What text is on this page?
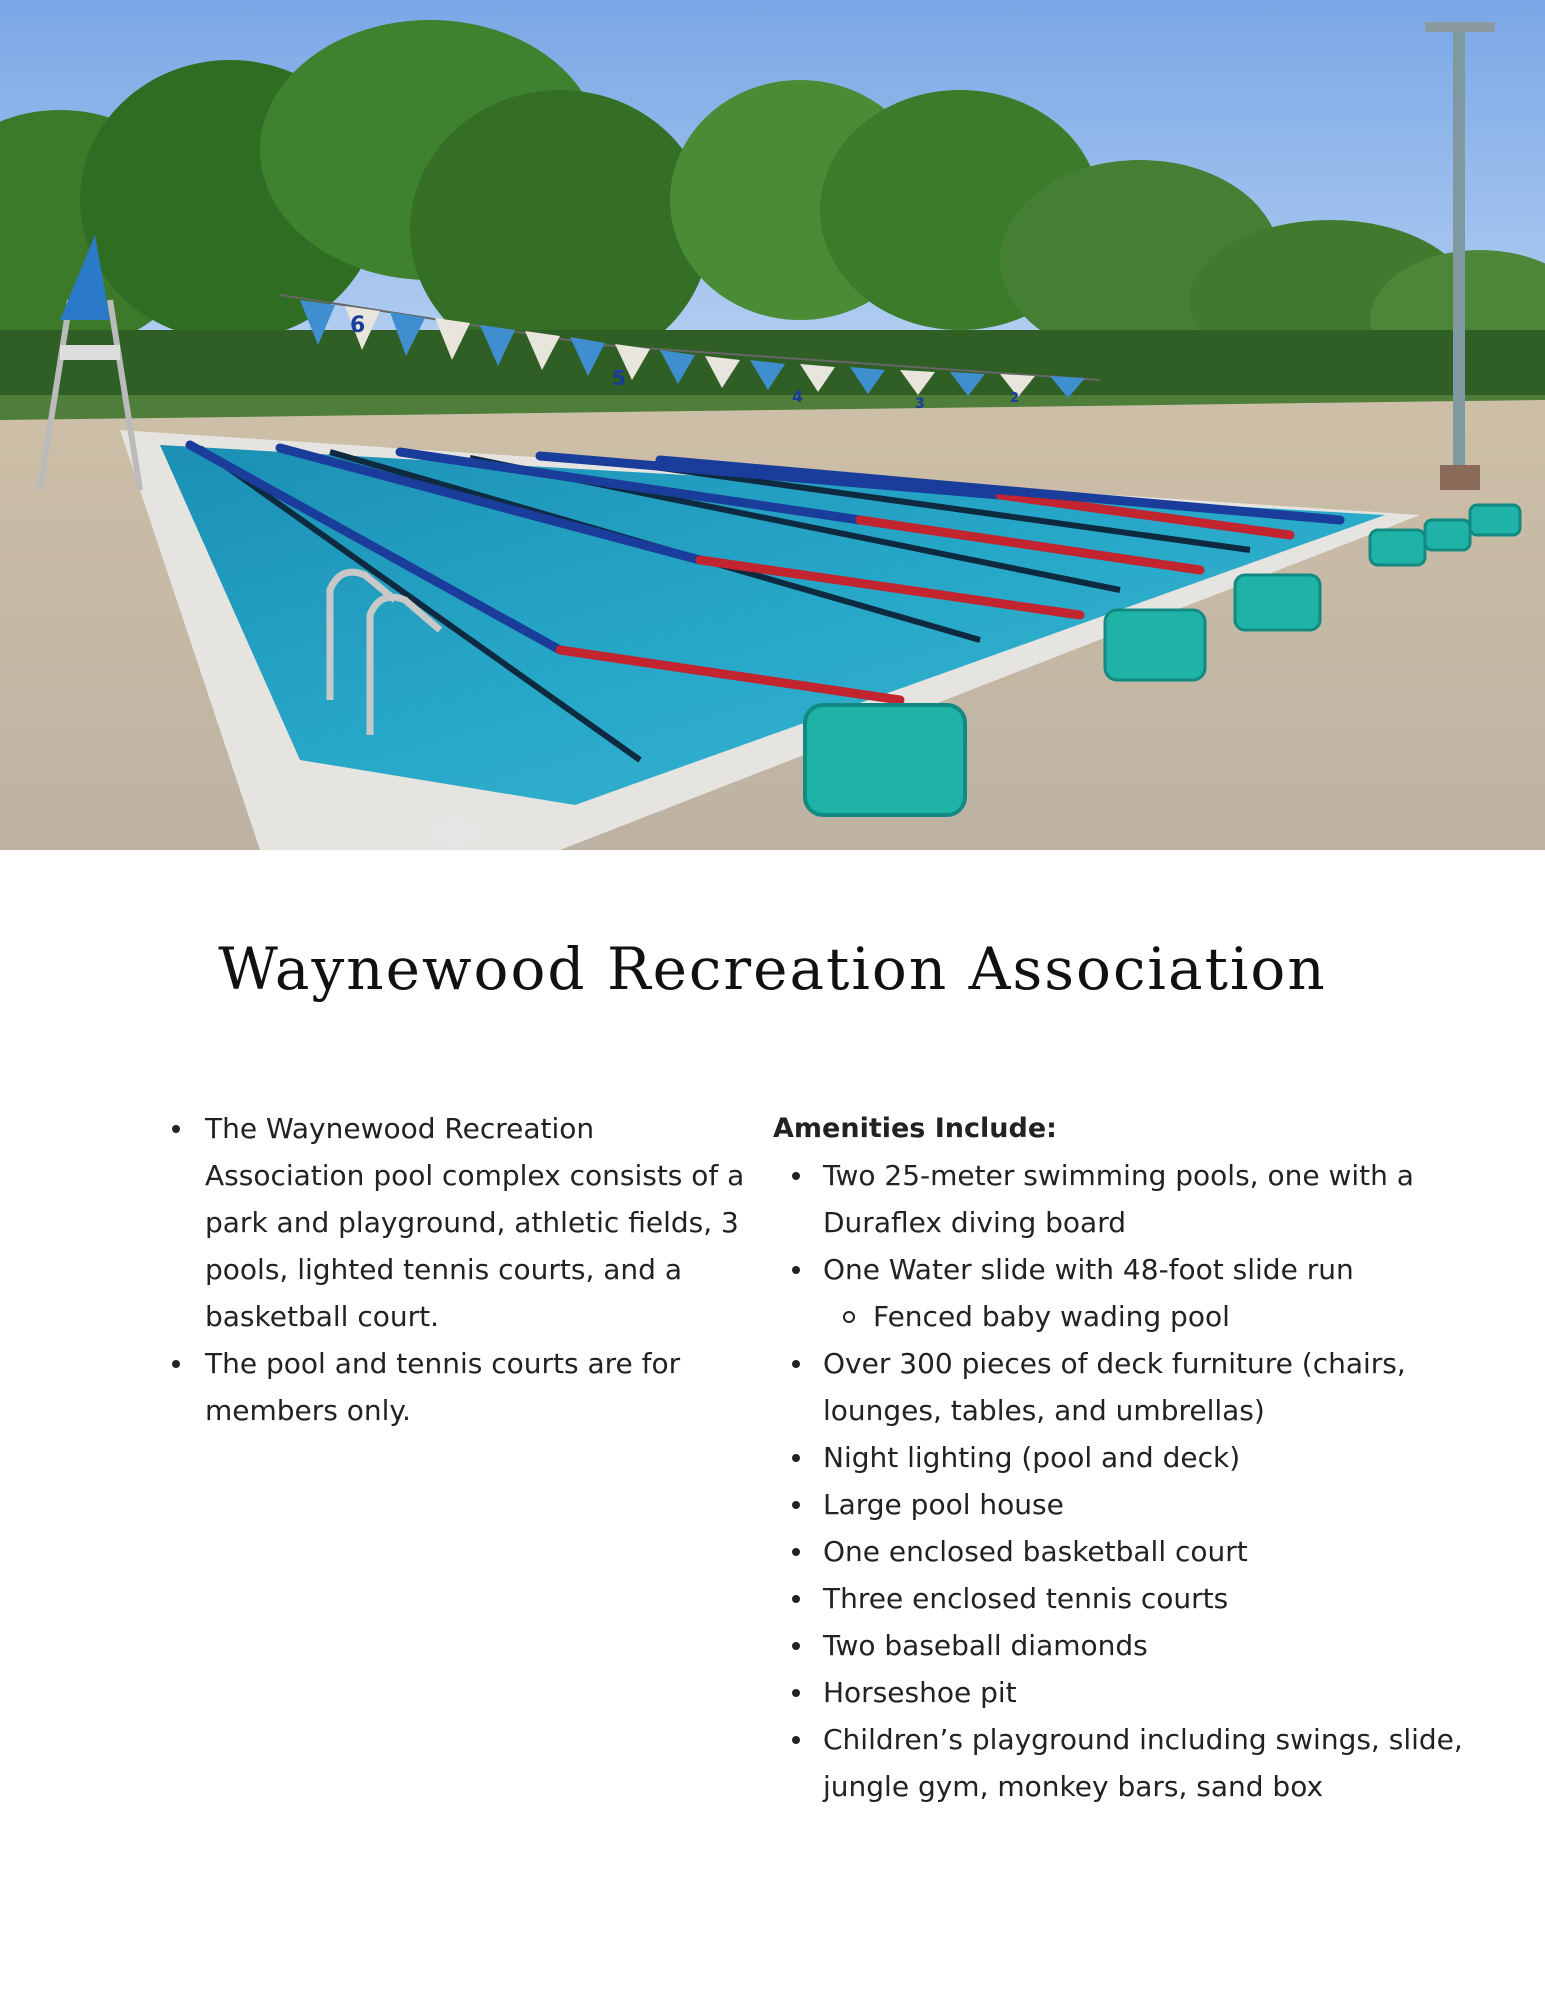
6
5
4	3	2
Waynewood Recreation Association
The Waynewood Recreation Association pool complex consists of a park and playground, athletic fields, 3 pools, lighted tennis courts, and a basketball court.
The pool and tennis courts are for members only.

Amenities Include:

Two 25-meter swimming pools, one with a Duraflex diving board
One Water slide with 48-foot slide run
Fenced baby wading pool
Over 300 pieces of deck furniture (chairs, lounges, tables, and umbrellas)
Night lighting (pool and deck)
Large pool house
One enclosed basketball court
Three enclosed tennis courts
Two baseball diamonds
Horseshoe pit
Children’s playground including swings, slide, jungle gym, monkey bars, sand box
